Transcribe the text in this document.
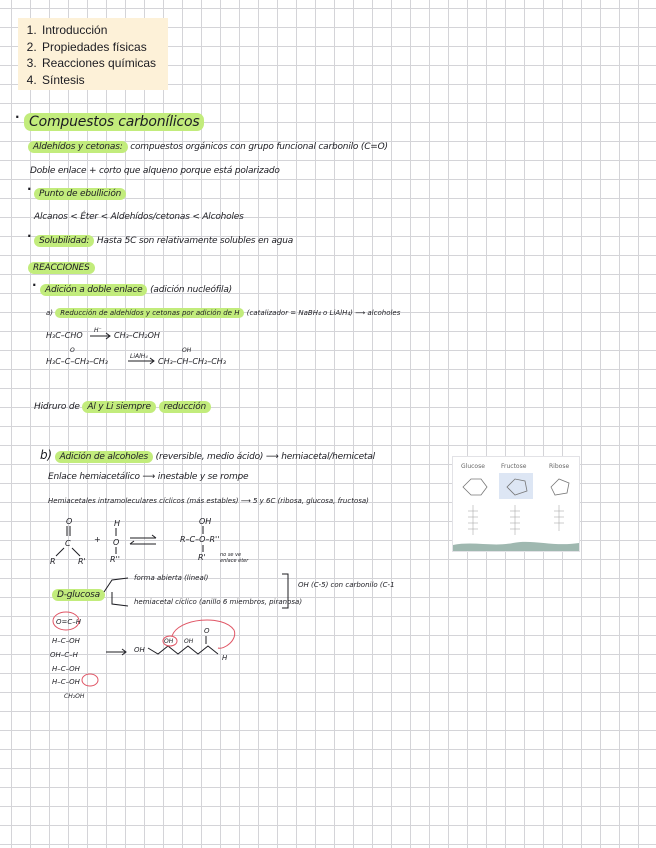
1. Introducción
2. Propiedades físicas
3. Reacciones químicas
4. Síntesis
· Compuestos carbonílicos
Aldehídos y cetonas: compuestos orgánicos con grupo funcional carbonilo (C=O)
Doble enlace + corto que alqueno porque está polarizado
· Punto de ebullición
Alcanos < Éter < Aldehídos/cetonas < Alcoholes
· Solubilidad: Hasta 5C son relativamente solubles en agua
REACCIONES
· Adición a doble enlace (adición nucleófila)
a) Reducción de aldehídos y cetonas por adición de H (catalizador = NaBH₄ o LiAlH₄) ⟶ alcoholes
H₃C–CHO
H⁻
CH₃–CH₂OH
O
H₃C–C–CH₂–CH₃
LiAlH₄
OH
CH₃–CH–CH₂–CH₃
Hidruro de Al y Li siempre reducción
b) Adición de alcoholes (reversible, medio ácido) ⟶ hemiacetal/hemicetal
Enlace hemiacetálico ⟶ inestable y se rompe
Hemiacetales intramoleculares cíclicos (más estables) ⟶ 5 y 6C (ribosa, glucosa, fructosa)
O
C
R	R'
+
H
O
R''
OH
R–C–O–R''
R'	no se ve
enlace éter
D-glucosa
forma abierta (lineal)
hemiacetal cíclico (anillo 6 miembros, piranosa)
OH (C-5) con carbonilo (C-1
O=C–H
H–C–OH
OH–C–H
H–C–OH
H–C–OH
CH₂OH
OH
OH OH
O
H
Glucose	Fructose	Ribose
